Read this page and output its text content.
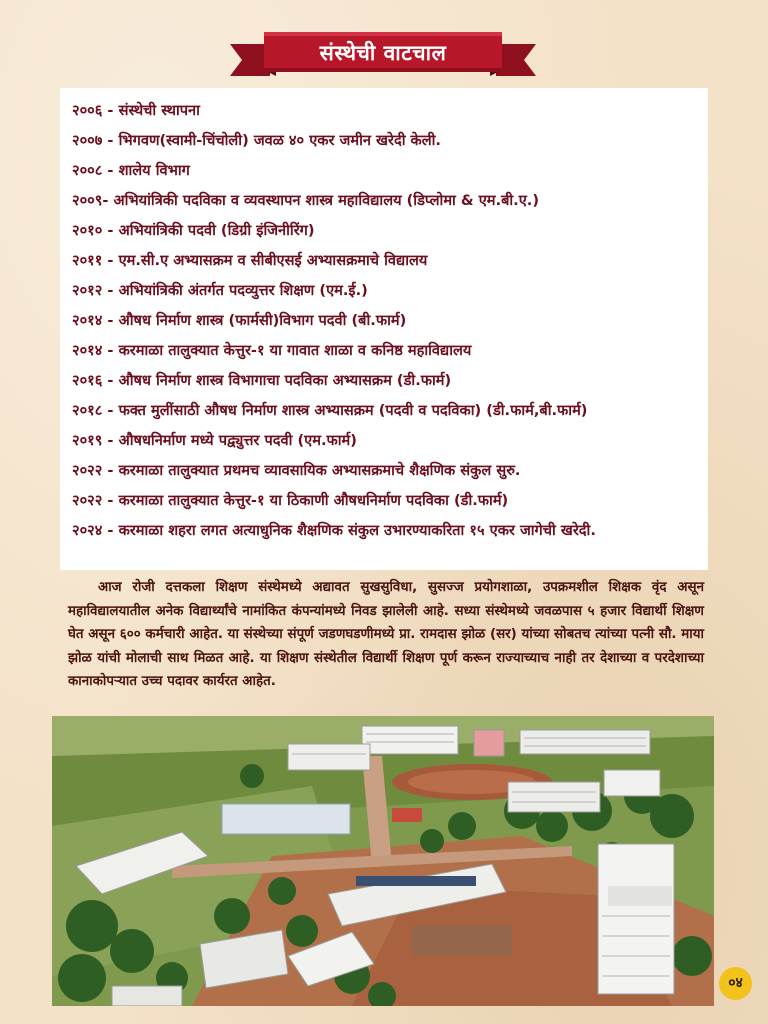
संस्थेची वाटचाल
२००६ - संस्थेची स्थापना
२००७ - भिगवण(स्वामी-चिंचोली) जवळ ४० एकर जमीन खरेदी केली.
२००८ - शालेय विभाग
२००९- अभियांत्रिकी पदविका व व्यवस्थापन शास्त्र महाविद्यालय (डिप्लोमा & एम.बी.ए.)
२०१० - अभियांत्रिकी पदवी (डिग्री इंजिनीरिंग)
२०११ - एम.सी.ए अभ्यासक्रम व सीबीएसई अभ्यासक्रमाचे विद्यालय
२०१२ - अभियांत्रिकी अंतर्गत पदव्युत्तर शिक्षण (एम.ई.)
२०१४ - औषध निर्माण शास्त्र (फार्मसी)विभाग पदवी (बी.फार्म)
२०१४ - करमाळा तालुक्यात केत्तुर-१ या गावात शाळा व कनिष्ठ महाविद्यालय
२०१६ - औषध निर्माण शास्त्र विभागाचा पदविका अभ्यासक्रम (डी.फार्म)
२०१८ - फक्त मुलींसाठी औषध निर्माण शास्त्र अभ्यासक्रम (पदवी व पदविका) (डी.फार्म,बी.फार्म)
२०१९ - औषधनिर्माण मध्ये पद्व्युत्तर पदवी (एम.फार्म)
२०२२ - करमाळा तालुक्यात प्रथमच व्यावसायिक अभ्यासक्रमाचे शैक्षणिक संकुल सुरु.
२०२२ - करमाळा तालुक्यात केत्तुर-१ या ठिकाणी औषधनिर्माण पदविका (डी.फार्म)
२०२४ - करमाळा शहरा लगत अत्याधुनिक शैक्षणिक संकुल उभारण्याकरिता १५ एकर जागेची खरेदी.

आज रोजी दत्तकला शिक्षण संस्थेमध्ये अद्यावत सुखसुविधा, सुसज्ज प्रयोगशाळा, उपक्रमशील शिक्षक वृंद असून महाविद्यालयातील अनेक विद्यार्थ्यांचे नामांकित कंपन्यांमध्ये निवड झालेली आहे. सध्या संस्थेमध्ये जवळपास ५ हजार विद्यार्थी शिक्षण घेत असून ६०० कर्मचारी आहेत. या संस्थेच्या संपूर्ण जडणघडणीमध्ये प्रा. रामदास झोळ (सर) यांच्या सोबतच त्यांच्या पत्नी सौ. माया झोळ यांची मोलाची साथ मिळत आहे. या शिक्षण संस्थेतील विद्यार्थी शिक्षण पूर्ण करून राज्याच्याच नाही तर देशाच्या व परदेशाच्या कानाकोपऱ्यात उच्च पदावर कार्यरत आहेत.

०४
